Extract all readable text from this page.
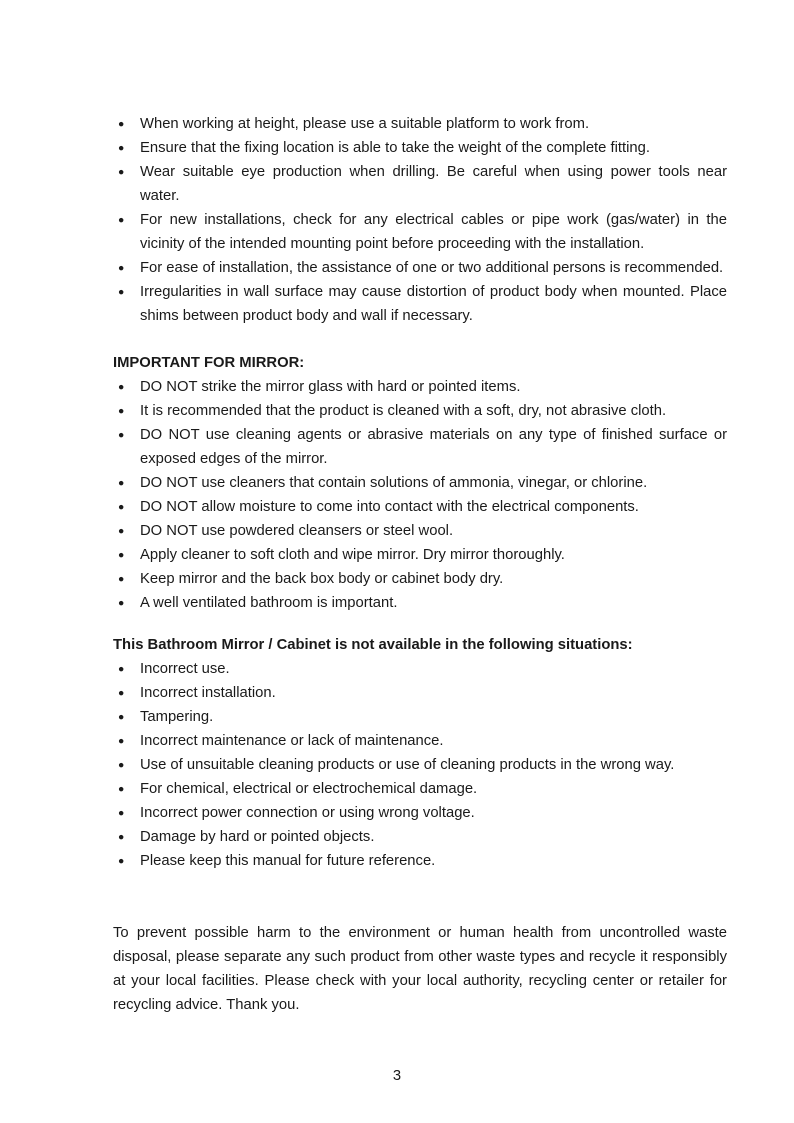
●	When working at height, please use a suitable platform to work from.
●	Ensure that the fixing location is able to take the weight of the complete fitting.
●	Wear suitable eye production when drilling. Be careful when using power tools near water.
●	For new installations, check for any electrical cables or pipe work (gas/water) in the vicinity of the intended mounting point before proceeding with the installation.
●	For ease of installation, the assistance of one or two additional persons is recommended.
●	Irregularities in wall surface may cause distortion of product body when mounted. Place shims between product body and wall if necessary.
IMPORTANT FOR MIRROR:
●	DO NOT strike the mirror glass with hard or pointed items.
●	It is recommended that the product is cleaned with a soft, dry, not abrasive cloth.
●	DO NOT use cleaning agents or abrasive materials on any type of finished surface or exposed edges of the mirror.
●	DO NOT use cleaners that contain solutions of ammonia, vinegar, or chlorine.
●	DO NOT allow moisture to come into contact with the electrical components.
●	DO NOT use powdered cleansers or steel wool.
●	Apply cleaner to soft cloth and wipe mirror. Dry mirror thoroughly.
●	Keep mirror and the back box body or cabinet body dry.
●	A well ventilated bathroom is important.
This Bathroom Mirror / Cabinet is not available in the following situations:
●	Incorrect use.
●	Incorrect installation.
●	Tampering.
●	Incorrect maintenance or lack of maintenance.
●	Use of unsuitable cleaning products or use of cleaning products in the wrong way.
●	For chemical, electrical or electrochemical damage.
●	Incorrect power connection or using wrong voltage.
●	Damage by hard or pointed objects.
●	Please keep this manual for future reference.
To prevent possible harm to the environment or human health from uncontrolled waste disposal, please separate any such product from other waste types and recycle it responsibly at your local facilities. Please check with your local authority, recycling center or retailer for recycling advice. Thank you.
3
